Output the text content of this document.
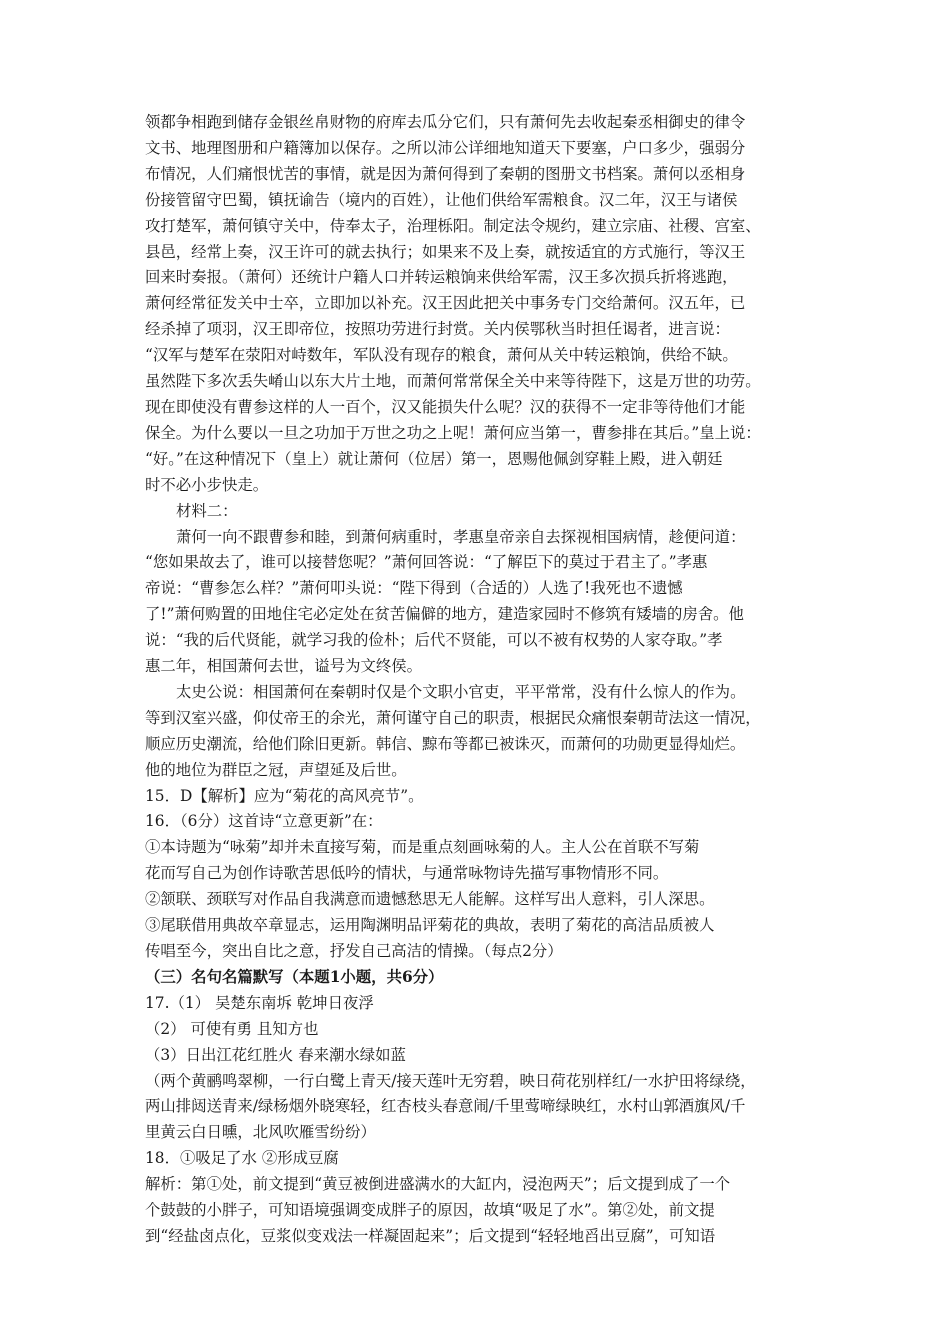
领都争相跑到储存金银丝帛财物的府库去瓜分它们，只有萧何先去收起秦丞相御史的律令
文书、地理图册和户籍簿加以保存。之所以沛公详细地知道天下要塞，户口多少，强弱分
布情况，人们痛恨忧苦的事情，就是因为萧何得到了秦朝的图册文书档案。萧何以丞相身
份接管留守巴蜀，镇抚谕告（境内的百姓），让他们供给军需粮食。汉二年，汉王与诸侯
攻打楚军，萧何镇守关中，侍奉太子，治理栎阳。制定法令规约，建立宗庙、社稷、宫室、
县邑，经常上奏，汉王许可的就去执行；如果来不及上奏，就按适宜的方式施行，等汉王
回来时奏报。（萧何）还统计户籍人口并转运粮饷来供给军需，汉王多次损兵折将逃跑，
萧何经常征发关中士卒，立即加以补充。汉王因此把关中事务专门交给萧何。汉五年，已
经杀掉了项羽，汉王即帝位，按照功劳进行封赏。关内侯鄂秋当时担任谒者，进言说：
“汉军与楚军在荥阳对峙数年，军队没有现存的粮食，萧何从关中转运粮饷，供给不缺。
虽然陛下多次丢失崤山以东大片土地，而萧何常常保全关中来等待陛下，这是万世的功劳。
现在即使没有曹参这样的人一百个，汉又能损失什么呢？汉的获得不一定非等待他们才能
保全。为什么要以一旦之功加于万世之功之上呢！萧何应当第一，曹参排在其后。”皇上说：
“好。”在这种情况下（皇上）就让萧何（位居）第一，恩赐他佩剑穿鞋上殿，进入朝廷
时不必小步快走。
材料二：
萧何一向不跟曹参和睦，到萧何病重时，孝惠皇帝亲自去探视相国病情，趁便问道：
“您如果故去了，谁可以接替您呢？”萧何回答说：“了解臣下的莫过于君主了。”孝惠
帝说：“曹参怎么样？”萧何叩头说：“陛下得到（合适的）人选了!我死也不遗憾
了!”萧何购置的田地住宅必定处在贫苦偏僻的地方，建造家园时不修筑有矮墙的房舍。他
说：“我的后代贤能，就学习我的俭朴；后代不贤能，可以不被有权势的人家夺取。”孝
惠二年，相国萧何去世，谥号为文终侯。
太史公说：相国萧何在秦朝时仅是个文职小官吏，平平常常，没有什么惊人的作为。
等到汉室兴盛，仰仗帝王的余光，萧何谨守自己的职责，根据民众痛恨秦朝苛法这一情况，
顺应历史潮流，给他们除旧更新。韩信、黥布等都已被诛灭，而萧何的功勋更显得灿烂。
他的地位为群臣之冠，声望延及后世。
15．D【解析】应为“菊花的高风亮节”。
16．（6分）这首诗“立意更新”在：
①本诗题为“咏菊”却并未直接写菊，而是重点刻画咏菊的人。主人公在首联不写菊
花而写自己为创作诗歌苦思低吟的情状，与通常咏物诗先描写事物情形不同。
②颔联、颈联写对作品自我满意而遗憾愁思无人能解。这样写出人意料，引人深思。
③尾联借用典故卒章显志，运用陶渊明品评菊花的典故，表明了菊花的高洁品质被人
传唱至今，突出自比之意，抒发自己高洁的情操。（每点2分）
（三）名句名篇默写（本题1小题，共6分）
17.（1） 吴楚东南坼 乾坤日夜浮
（2） 可使有勇 且知方也
（3）日出江花红胜火 春来潮水绿如蓝
（两个黄鹂鸣翠柳，一行白鹭上青天/接天莲叶无穷碧，映日荷花别样红/一水护田将绿绕，
两山排闼送青来/绿杨烟外晓寒轻，红杏枝头春意闹/千里莺啼绿映红，水村山郭酒旗风/千
里黄云白日曛，北风吹雁雪纷纷）
18．①吸足了水 ②形成豆腐
解析：第①处，前文提到“黄豆被倒进盛满水的大缸内，浸泡两天”；后文提到成了一个
个鼓鼓的小胖子，可知语境强调变成胖子的原因，故填“吸足了水”。第②处，前文提
到“经盐卤点化，豆浆似变戏法一样凝固起来”；后文提到“轻轻地舀出豆腐”，可知语
